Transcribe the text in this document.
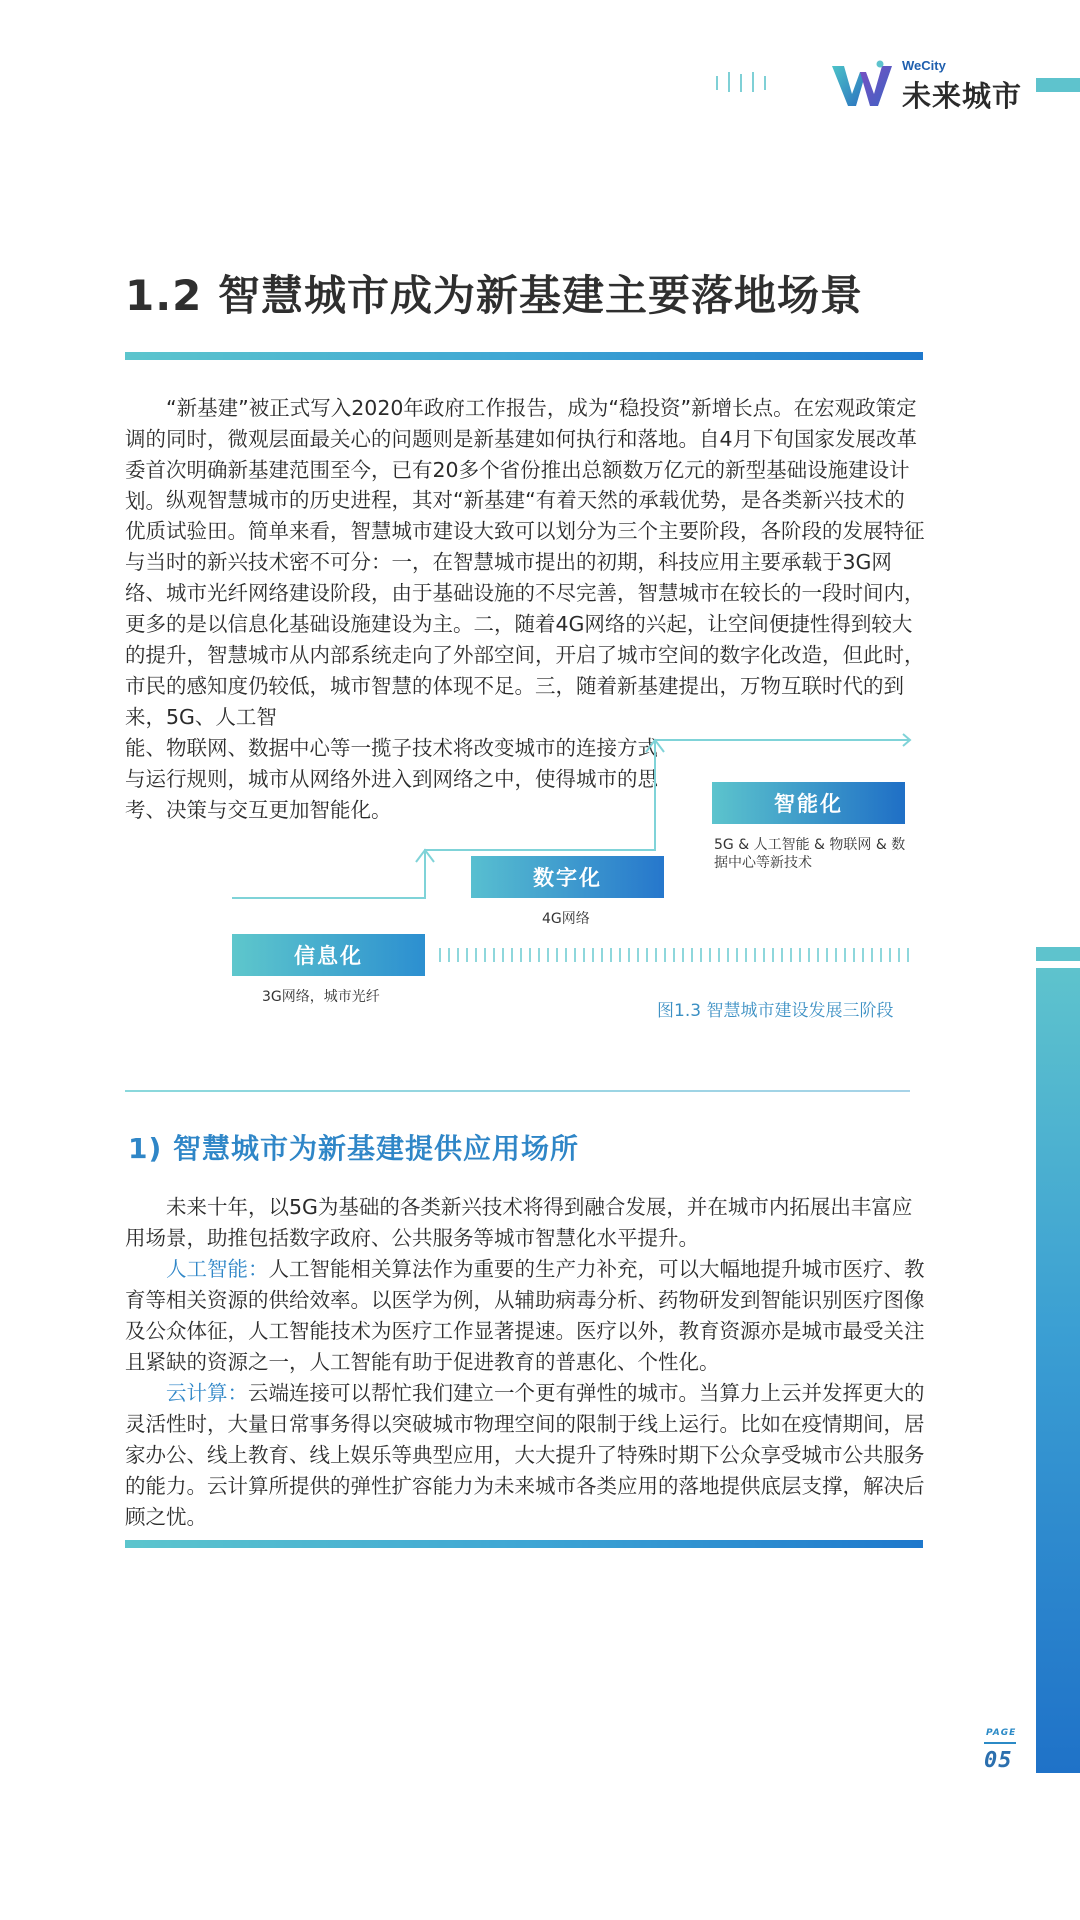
WeCity
未来城市
1.2 智慧城市成为新基建主要落地场景

“新基建”被正式写入2020年政府工作报告，成为“稳投资”新增长点。在宏观政策定调的同时，微观层面最关心的问题则是新基建如何执行和落地。自4月下旬国家发展改革委首次明确新基建范围至今，已有20多个省份推出总额数万亿元的新型基础设施建设计划。 纵观智慧城市的历史进程，其对“新基建“有着天然的承载优势，是各类新兴技术的优质试验田。简单来看，智慧城市建设大致可以划分为三个主要阶段，各阶段的发展特征与当时的新兴技术密不可分：一，在智慧城市提出的初期，科技应用主要承载于3G网络、城市光纤网络建设阶段，由于基础设施的不尽完善，智慧城市在较长的一段时间内，更多的是以信息化基础设施建设为主。二，随着4G网络的兴起，让空间便捷性得到较大的提升，智慧城市从内部系统走向了外部空间，开启了城市空间的数字化改造，但此时，市民的感知度仍较低，城市智慧的体现不足。三，随着新基建提出，万物互联时代的到来，5G、人工智

能、物联网、数据中心等一揽子技术将改变城市的连接方式

与运行规则，城市从网络外进入到网络之中，使得城市的思

考、决策与交互更加智能化。

信息化
3G网络，城市光纤
数字化
4G网络
智能化
5G & 人工智能 & 物联网 & 数
据中心等新技术
图1.3 智慧城市建设发展三阶段
1) 智慧城市为新基建提供应用场所

未来十年，以5G为基础的各类新兴技术将得到融合发展，并在城市内拓展出丰富应用场景，助推包括数字政府、公共服务等城市智慧化水平提升。

人工智能：人工智能相关算法作为重要的生产力补充，可以大幅地提升城市医疗、教育等相关资源的供给效率。以医学为例，从辅助病毒分析、药物研发到智能识别医疗图像及公众体征，人工智能技术为医疗工作显著提速。医疗以外，教育资源亦是城市最受关注且紧缺的资源之一，人工智能有助于促进教育的普惠化、个性化。

云计算：云端连接可以帮忙我们建立一个更有弹性的城市。当算力上云并发挥更大的灵活性时，大量日常事务得以突破城市物理空间的限制于线上运行。比如在疫情期间，居家办公、线上教育、线上娱乐等典型应用，大大提升了特殊时期下公众享受城市公共服务的能力。云计算所提供的弹性扩容能力为未来城市各类应用的落地提供底层支撑，解决后顾之忧。

PAGE
05
